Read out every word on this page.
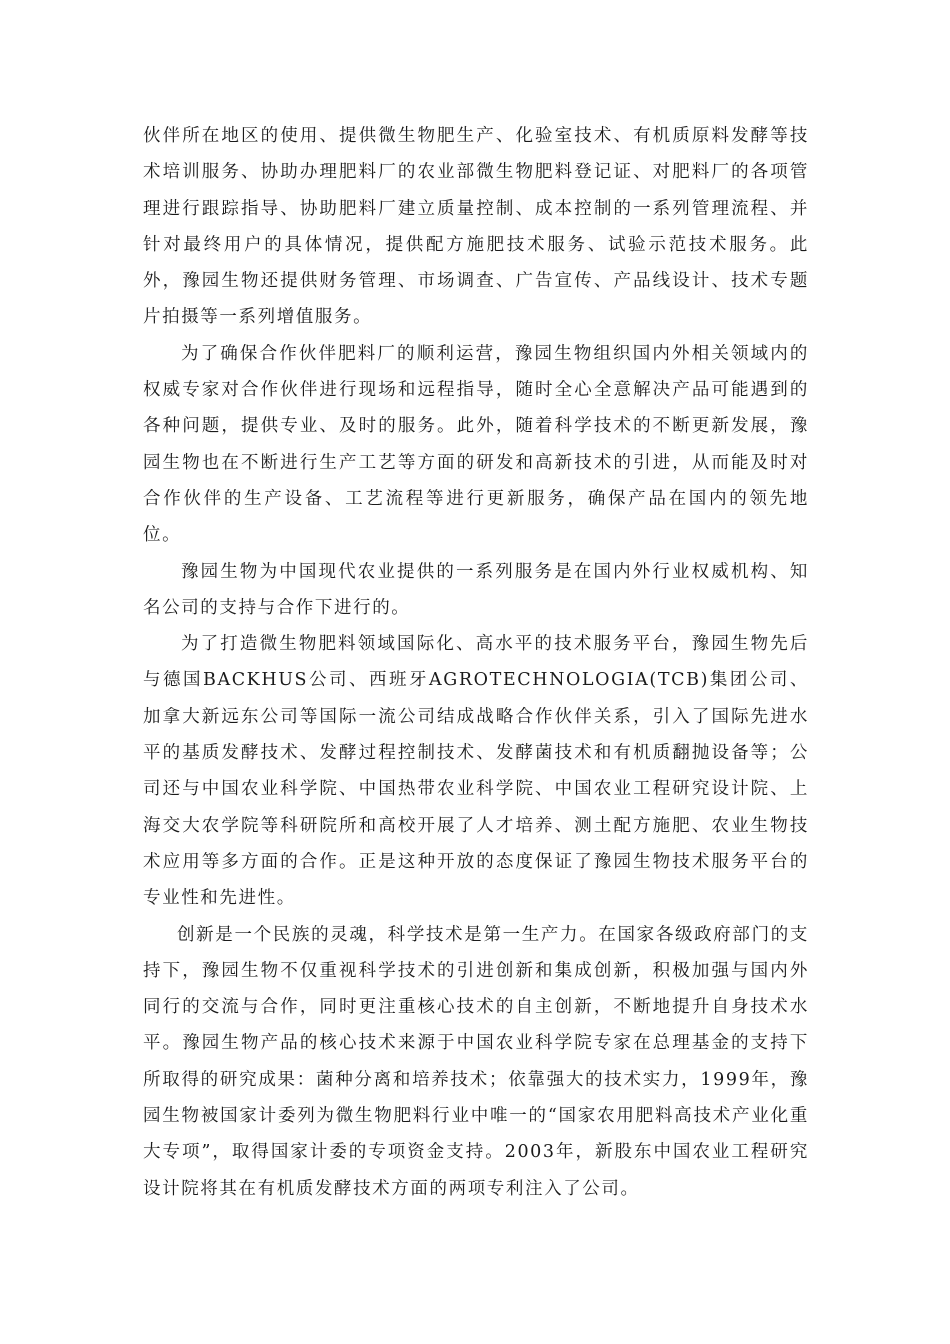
伙伴所在地区的使用、提供微生物肥生产、化验室技术、有机质原料发酵等技术培训服务、协助办理肥料厂的农业部微生物肥料登记证、对肥料厂的各项管理进行跟踪指导、协助肥料厂建立质量控制、成本控制的一系列管理流程、并针对最终用户的具体情况，提供配方施肥技术服务、试验示范技术服务。此外，豫园生物还提供财务管理、市场调查、广告宣传、产品线设计、技术专题片拍摄等一系列增值服务。

为了确保合作伙伴肥料厂的顺利运营，豫园生物组织国内外相关领域内的权威专家对合作伙伴进行现场和远程指导，随时全心全意解决产品可能遇到的各种问题，提供专业、及时的服务。此外，随着科学技术的不断更新发展，豫园生物也在不断进行生产工艺等方面的研发和高新技术的引进，从而能及时对合作伙伴的生产设备、工艺流程等进行更新服务，确保产品在国内的领先地位。

豫园生物为中国现代农业提供的一系列服务是在国内外行业权威机构、知名公司的支持与合作下进行的。

为了打造微生物肥料领域国际化、高水平的技术服务平台，豫园生物先后与德国BACKHUS公司、西班牙AGROTECHNOLOGIA(TCB)集团公司、加拿大新远东公司等国际一流公司结成战略合作伙伴关系，引入了国际先进水平的基质发酵技术、发酵过程控制技术、发酵菌技术和有机质翻抛设备等；公司还与中国农业科学院、中国热带农业科学院、中国农业工程研究设计院、上海交大农学院等科研院所和高校开展了人才培养、测土配方施肥、农业生物技术应用等多方面的合作。正是这种开放的态度保证了豫园生物技术服务平台的专业性和先进性。

创新是一个民族的灵魂，科学技术是第一生产力。在国家各级政府部门的支持下，豫园生物不仅重视科学技术的引进创新和集成创新，积极加强与国内外同行的交流与合作，同时更注重核心技术的自主创新，不断地提升自身技术水平。豫园生物产品的核心技术来源于中国农业科学院专家在总理基金的支持下所取得的研究成果：菌种分离和培养技术；依靠强大的技术实力，1999年，豫园生物被国家计委列为微生物肥料行业中唯一的“国家农用肥料高技术产业化重大专项”，取得国家计委的专项资金支持。2003年，新股东中国农业工程研究设计院将其在有机质发酵技术方面的两项专利注入了公司。
